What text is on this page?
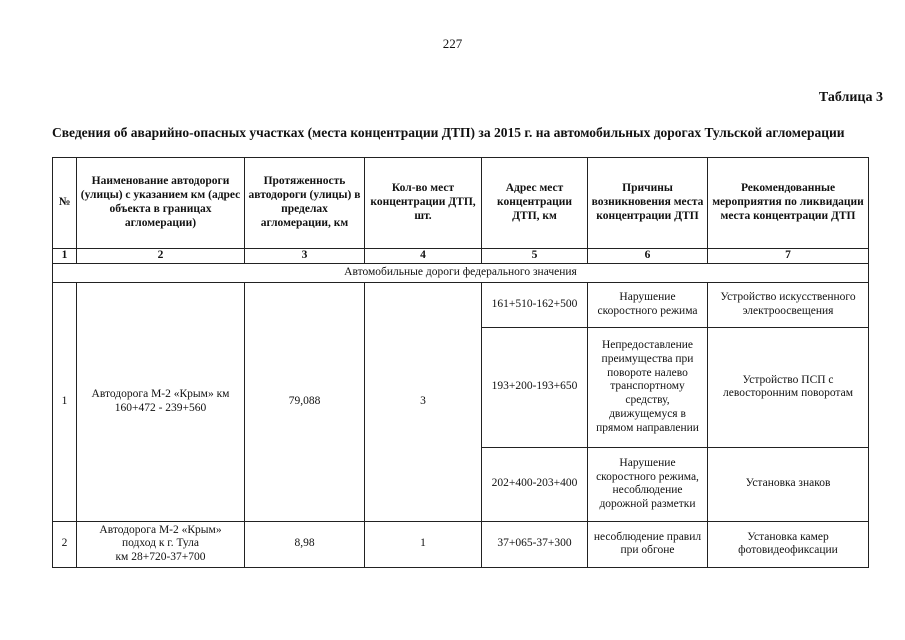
227
Таблица 3
Сведения об аварийно-опасных участках (места концентрации ДТП) за 2015 г. на автомобильных дорогах Тульской агломерации
№	Наименование автодороги (улицы) с указанием км (адрес объекта в границах агломерации)	Протяженность автодороги (улицы) в пределах агломерации, км	Кол-во мест концентрации ДТП, шт.	Адрес мест концентрации ДТП, км	Причины возникновения места концентрации ДТП	Рекомендованные мероприятия по ликвидации места концентрации ДТП
1	2	3	4	5	6	7
Автомобильные дороги федерального значения						
1	Автодорога М-2 «Крым» км 160+472 - 239+560	79,088	3	161+510-162+500	Нарушение скоростного режима	Устройство искусственного электроосвещения
				193+200-193+650	Непредоставление преимущества при повороте налево транспортному средству, движущемуся в прямом направлении	Устройство ПСП с левосторонним поворотам
				202+400-203+400	Нарушение скоростного режима, несоблюдение дорожной разметки	Установка знаков
2	Автодорога М-2 «Крым»
подход к г. Тула
км 28+720-37+700	8,98	1	37+065-37+300	несоблюдение правил при обгоне	Установка камер фотовидеофиксации
